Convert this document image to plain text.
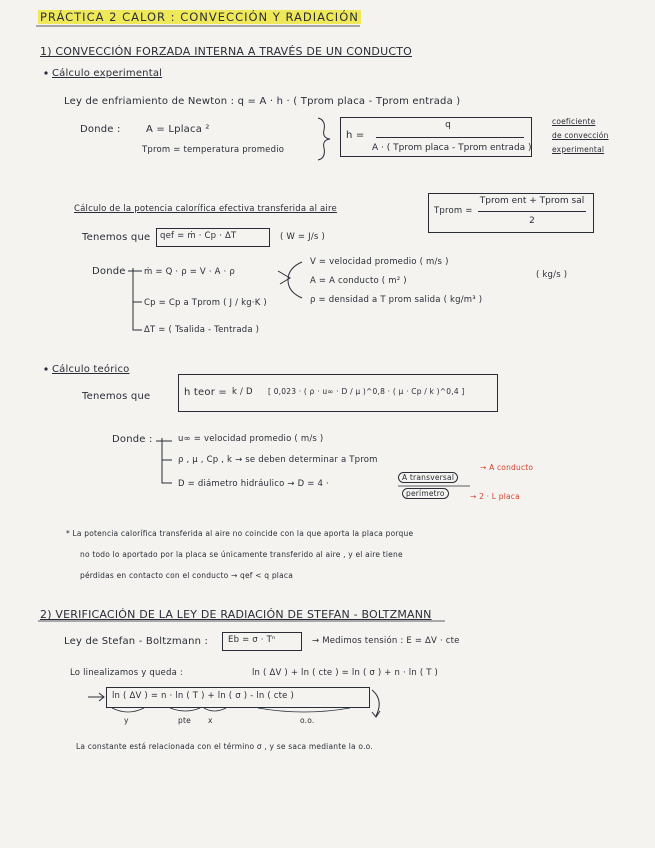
PRÁCTICA 2 CALOR : CONVECCIÓN Y RADIACIÓN
1) CONVECCIÓN FORZADA INTERNA A TRAVÉS DE UN CONDUCTO
Cálculo experimental
Ley de enfriamiento de Newton : q = A · h · ( Tprom placa - Tprom entrada )
Donde :	A = Lplaca ²
Tprom = temperatura promedio
h =
q
A · ( Tprom placa - Tprom entrada )
coeficiente
de convección
experimental
Cálculo de la potencia calorífica efectiva transferida al aire	Tprom =
Tprom ent + Tprom sal
2
Tenemos que qef = ṁ · Cp · ΔT	( W = J/s )
Donde ṁ = Q · ρ = V · A · ρ
V = velocidad promedio ( m/s )
A = A conducto ( m² )
ρ = densidad a T prom salida ( kg/m³ )
( kg/s )
Cp = Cp a Tprom ( J / kg·K )
ΔT = ( Tsalida - Tentrada )
Cálculo teórico
Tenemos que	h teor = k / D [ 0,023 · ( ρ · u∞ · D / μ )^0,8 · ( μ · Cp / k )^0,4 ]
Donde :	u∞ = velocidad promedio ( m/s )
ρ , μ , Cp , k → se deben determinar a Tprom
D = diámetro hidráulico → D = 4 ·
A transversal
perímetro
→ A conducto
→ 2 · L placa
* La potencia calorífica transferida al aire no coincide con la que aporta la placa porque
no todo lo aportado por la placa se únicamente transferido al aire , y el aire tiene
pérdidas en contacto con el conducto → qef < q placa
2) VERIFICACIÓN DE LA LEY DE RADIACIÓN DE STEFAN - BOLTZMANN
Ley de Stefan - Boltzmann : Eb = σ · Tⁿ	→ Medimos tensión : E = ΔV · cte
Lo linealizamos y queda :	ln ( ΔV ) + ln ( cte ) = ln ( σ ) + n · ln ( T )
ln ( ΔV ) = n · ln ( T ) + ln ( σ ) - ln ( cte )
y	pte x	o.o.
La constante está relacionada con el término σ , y se saca mediante la o.o.
